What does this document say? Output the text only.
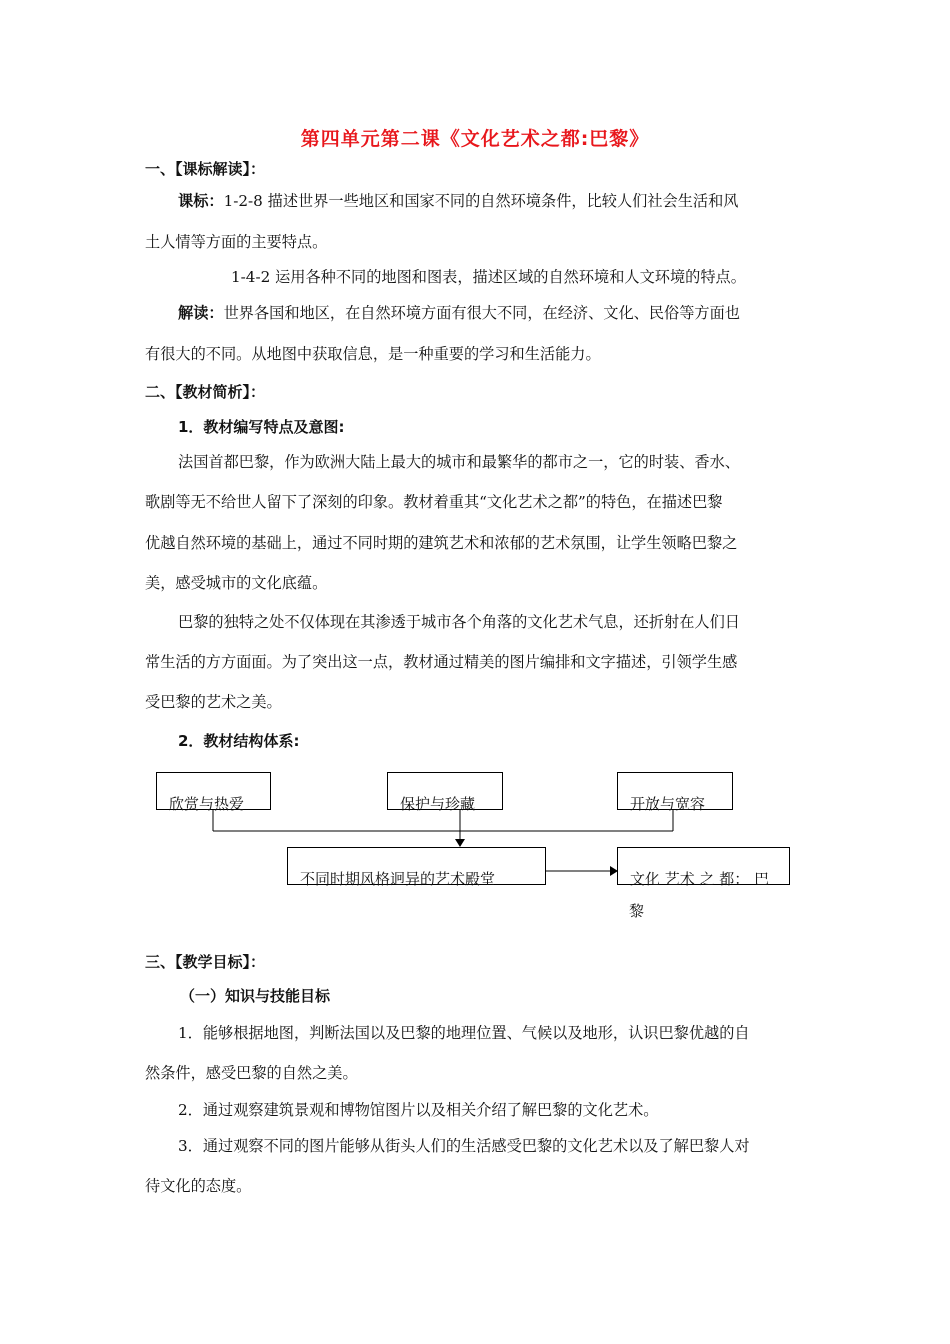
第四单元第二课《文化艺术之都:巴黎》
一、【课标解读】：
课标：1-2-8 描述世界一些地区和国家不同的自然环境条件，比较人们社会生活和风
土人情等方面的主要特点。
1-4-2 运用各种不同的地图和图表，描述区域的自然环境和人文环境的特点。
解读：世界各国和地区，在自然环境方面有很大不同，在经济、文化、民俗等方面也
有很大的不同。从地图中获取信息，是一种重要的学习和生活能力。
二、【教材简析】：
1．教材编写特点及意图:
法国首都巴黎，作为欧洲大陆上最大的城市和最繁华的都市之一，它的时装、香水、
歌剧等无不给世人留下了深刻的印象。教材着重其“文化艺术之都”的特色，在描述巴黎
优越自然环境的基础上，通过不同时期的建筑艺术和浓郁的艺术氛围，让学生领略巴黎之
美，感受城市的文化底蕴。
巴黎的独特之处不仅体现在其渗透于城市各个角落的文化艺术气息，还折射在人们日
常生活的方方面面。为了突出这一点，教材通过精美的图片编排和文字描述，引领学生感
受巴黎的艺术之美。
2．教材结构体系:
欣赏与热爱	保护与珍藏	开放与宽容
不同时期风格迥异的艺术殿堂	文化 艺术 之 都： 巴
黎
三、【教学目标】：
（一）知识与技能目标
1．能够根据地图，判断法国以及巴黎的地理位置、气候以及地形，认识巴黎优越的自
然条件，感受巴黎的自然之美。
2．通过观察建筑景观和博物馆图片以及相关介绍了解巴黎的文化艺术。
3．通过观察不同的图片能够从街头人们的生活感受巴黎的文化艺术以及了解巴黎人对
待文化的态度。
